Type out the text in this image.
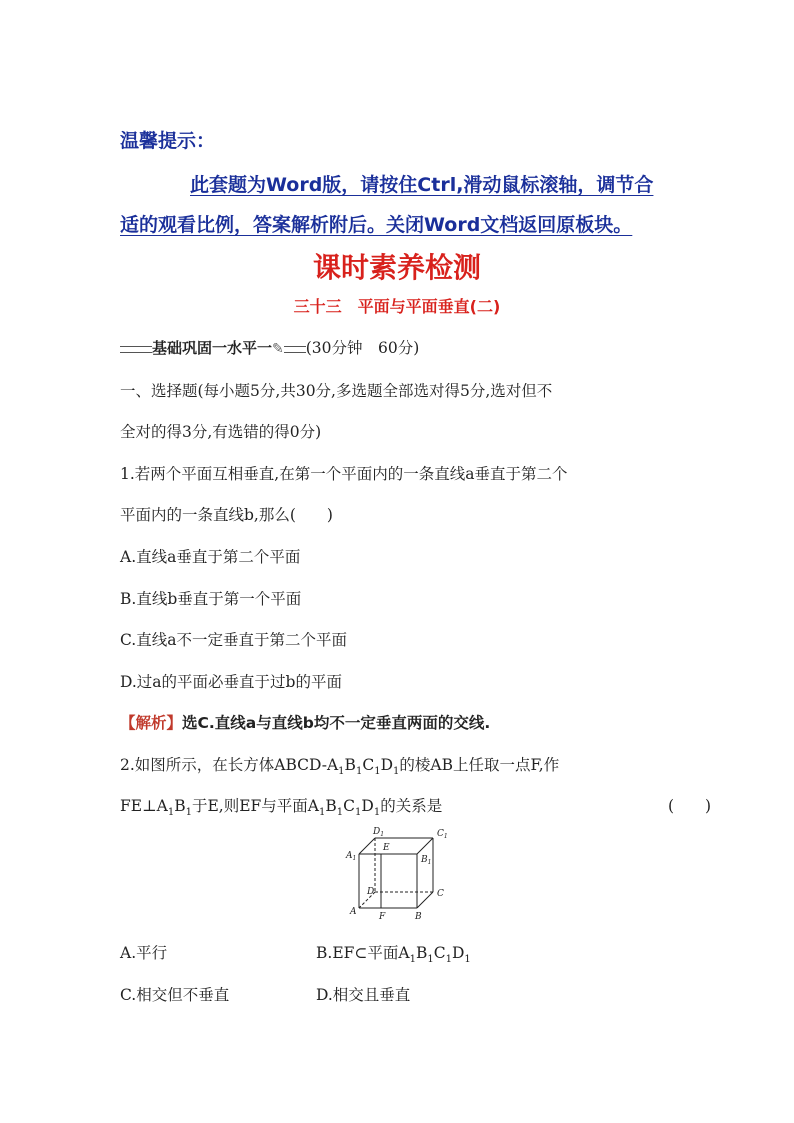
温馨提示：
此套题为Word版，请按住Ctrl,滑动鼠标滚轴，调节合
适的观看比例，答案解析附后。关闭Word文档返回原板块。
课时素养检测
三十三　平面与平面垂直(二)
基础巩固一水平一✎ (30分钟　60分)
一、选择题(每小题5分,共30分,多选题全部选对得5分,选对但不
全对的得3分,有选错的得0分)
1.若两个平面互相垂直,在第一个平面内的一条直线a垂直于第二个
平面内的一条直线b,那么(　　)
A.直线a垂直于第二个平面
B.直线b垂直于第一个平面
C.直线a不一定垂直于第二个平面
D.过a的平面必垂直于过b的平面
【解析】选C.直线a与直线b均不一定垂直两面的交线.
2.如图所示，在长方体ABCD-$A_1B_1C_1D_1$的棱AB上任取一点F,作
$FE\perp A_1B_1$于E,则EF与平面$A_1B_1C_1D_1$的关系是	(　　)
$D_1$	$C_1$
$A_1$
E
$B_1$
D	C
A	F	B
A.平行	B.EF⊂平面$A_1B_1C_1D_1$
C.相交但不垂直	D.相交且垂直
